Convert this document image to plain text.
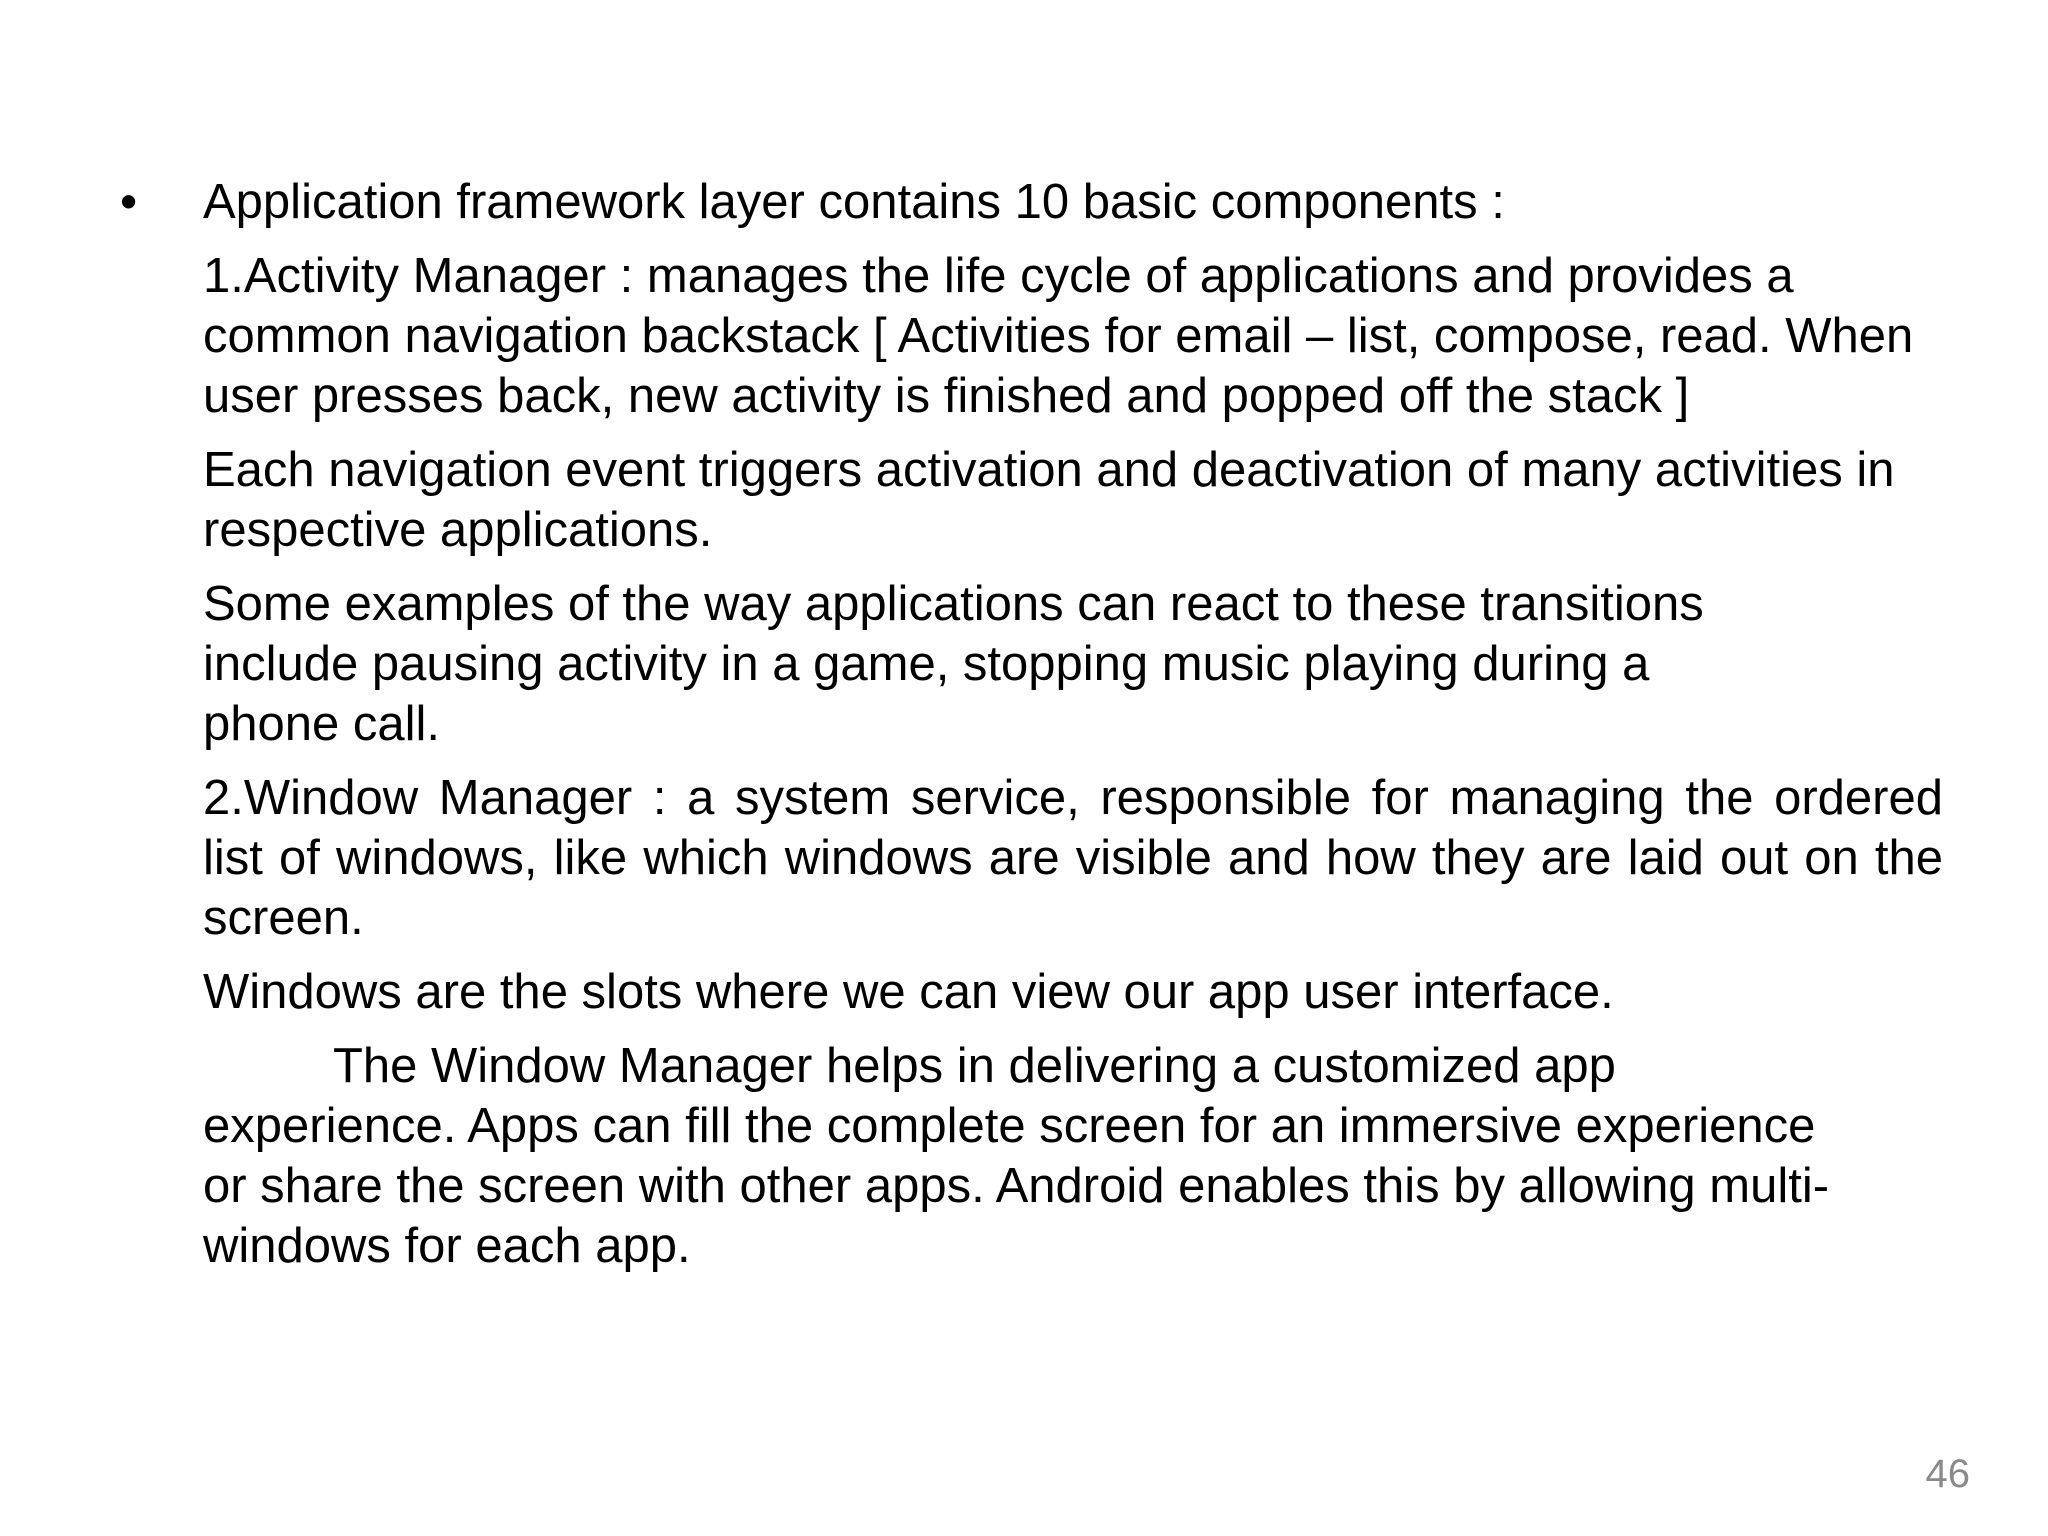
•	Application framework layer contains 10 basic components :

1.Activity Manager : manages the life cycle of applications and provides a common navigation backstack [ Activities for email – list, compose, read. When user presses back, new activity is finished and popped off the stack ]

Each navigation event triggers activation and deactivation of many activities in respective applications.

Some examples of the way applications can react to these transitions include pausing activity in a game, stopping music playing during a phone call.

2.Window Manager : a system service, responsible for managing the ordered list of windows, like which windows are visible and how they are laid out on the screen.

Windows are the slots where we can view our app user interface.

The Window Manager helps in delivering a customized app experience. Apps can fill the complete screen for an immersive experience or share the screen with other apps. Android enables this by allowing multi-windows for each app.

46
